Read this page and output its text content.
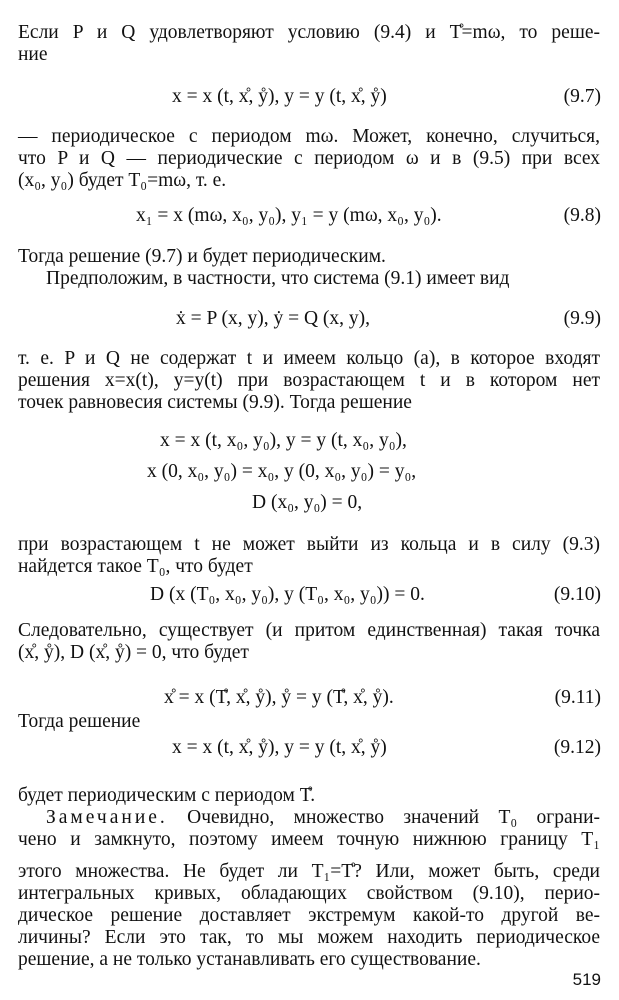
Если P и Q удовлетворяют условию (9.4) и T̊=mω, то реше-
ние
x = x (t, x̊, ẙ), y = y (t, x̊, ẙ)	(9.7)
— периодическое с периодом mω. Может, конечно, случиться,
что P и Q — периодические с периодом ω и в (9.5) при всех
(x₀, y₀) будет T₀=mω, т. е.
x₁ = x (mω, x₀, y₀), y₁ = y (mω, x₀, y₀).	(9.8)
Тогда решение (9.7) и будет периодическим.
Предположим, в частности, что система (9.1) имеет вид
ẋ = P (x, y), ẏ = Q (x, y),	(9.9)
т. е. P и Q не содержат t и имеем кольцо (a), в которое входят
решения x=x(t), y=y(t) при возрастающем t и в котором нет
точек равновесия системы (9.9). Тогда решение
x = x (t, x₀, y₀), y = y (t, x₀, y₀),
x (0, x₀, y₀) = x₀, y (0, x₀, y₀) = y₀,
D (x₀, y₀) = 0,
при возрастающем t не может выйти из кольца и в силу (9.3)
найдется такое T₀, что будет
D (x (T₀, x₀, y₀), y (T₀, x₀, y₀)) = 0.	(9.10)
Следовательно, существует (и притом единственная) такая точка
(x̊, ẙ), D (x̊, ẙ) = 0, что будет
x̊ = x (T̊, x̊, ẙ), ẙ = y (T̊, x̊, ẙ).	(9.11)
Тогда решение
x = x (t, x̊, ẙ), y = y (t, x̊, ẙ)	(9.12)
будет периодическим с периодом T̊.
Замечание. Очевидно, множество значений T₀ ограни-
чено и замкнуто, поэтому имеем точную нижнюю границу T₁
этого множества. Не будет ли T₁=T̊? Или, может быть, среди
интегральных кривых, обладающих свойством (9.10), перио-
дическое решение доставляет экстремум какой-то другой ве-
личины? Если это так, то мы можем находить периодическое
решение, а не только устанавливать его существование.
519
